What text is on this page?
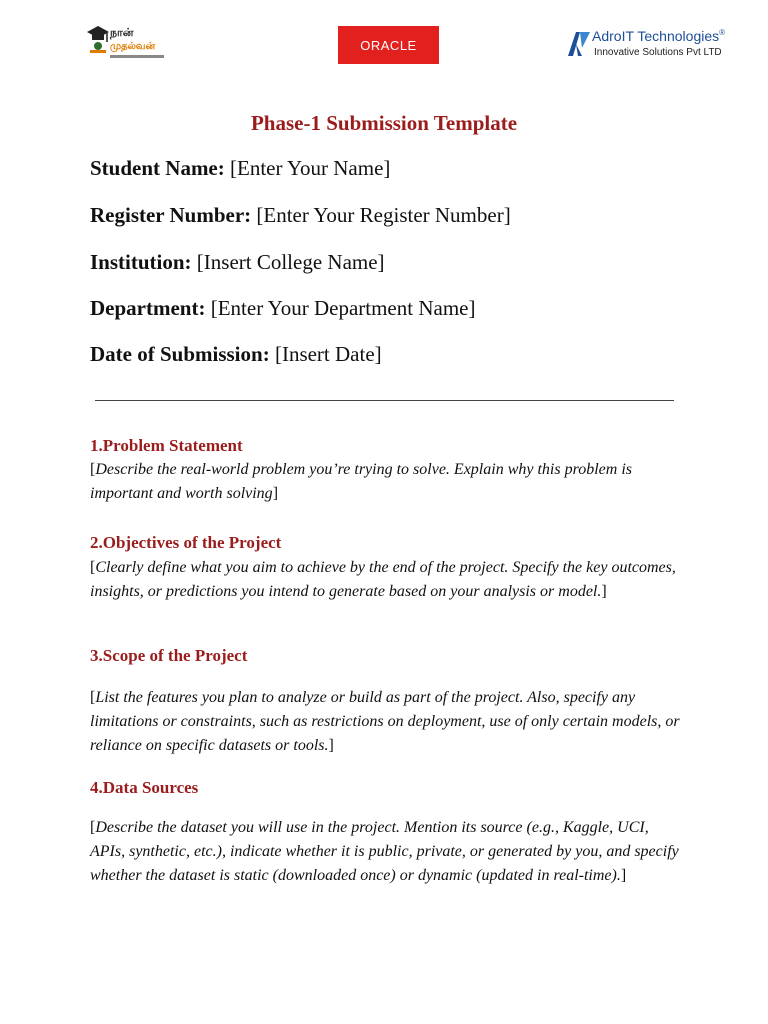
நான்
முதல்வன்	ORACLE
AdroIT Technologies®
Innovative Solutions Pvt LTD
Phase-1 Submission Template
Student Name: [Enter Your Name]
Register Number: [Enter Your Register Number]
Institution: [Insert College Name]
Department: [Enter Your Department Name]
Date of Submission: [Insert Date]
1.Problem Statement
[Describe the real-world problem you’re trying to solve. Explain why this problem is important and worth solving]
2.Objectives of the Project
[Clearly define what you aim to achieve by the end of the project. Specify the key outcomes, insights, or predictions you intend to generate based on your analysis or model.]
3.Scope of the Project
[List the features you plan to analyze or build as part of the project. Also, specify any limitations or constraints, such as restrictions on deployment, use of only certain models, or reliance on specific datasets or tools.]
4.Data Sources
[Describe the dataset you will use in the project. Mention its source (e.g., Kaggle, UCI, APIs, synthetic, etc.), indicate whether it is public, private, or generated by you, and specify whether the dataset is static (downloaded once) or dynamic (updated in real-time).]
